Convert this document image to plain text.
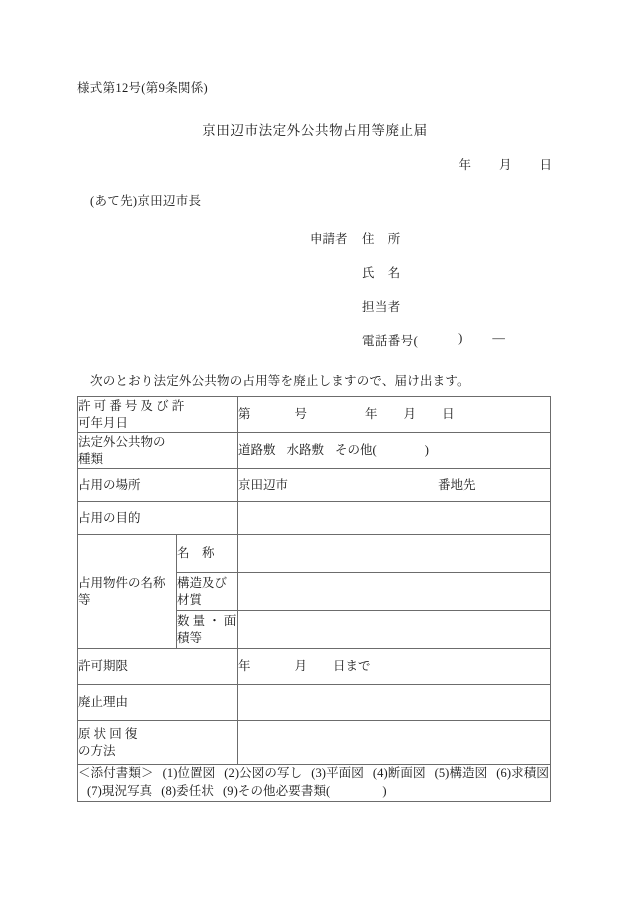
様式第12号(第9条関係)
京田辺市法定外公共物占用等廃止届
年 月 日
(あて先)京田辺市長
申請者	住　所
氏　名
担当者
電話番号(	) ―
次のとおり法定外公共物の占用等を廃止しますので、届け出ます。
許 可 番 号 及 び 許
可年月日		第 号 年 月 日

法定外公共物の
種類		道路敷 水路敷 その他( )
占用の場所		京田辺市 番地先
占用の目的		

占用物件の名称
等	名　称	

	構造及び
材質	

	数 量 ・ 面
積等	

許可期限		年 月 日まで
廃止理由		

原 状 回 復
の方法		

＜添付書類＞ (1)位置図 (2)公図の写し (3)平面図 (4)断面図 (5)構造図 (6)求積図(7)現況写真 (8)委任状 (9)その他必要書類( )		
